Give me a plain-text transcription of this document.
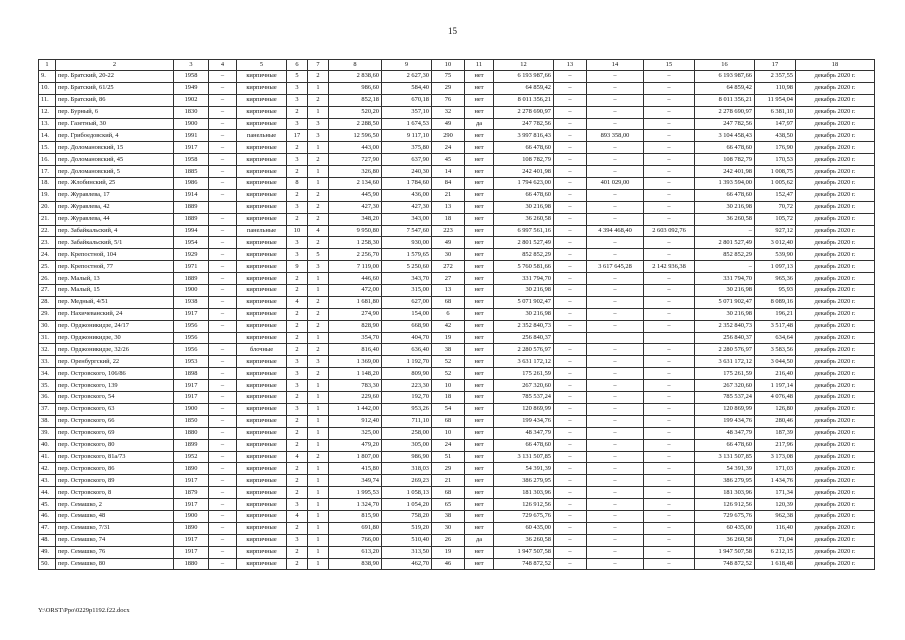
15
1	2	3	4	5	6	7	8	9	10	11	12	13	14	15	16	17	18
9.	пер. Братский, 20-22	1958	–	кирпичные	5	2	2 838,60	2 627,30	75	нет	6 193 987,66	–	–	–	6 193 987,66	2 357,55	декабрь 2020 г.
10.	пер. Братский, 61/25	1949	–	кирпичные	3	1	986,60	584,40	29	нет	64 859,42	–	–	–	64 859,42	110,98	декабрь 2020 г.
11.	пер. Братский, 86	1902	–	кирпичные	3	2	852,18	670,18	76	нет	8 011 356,21	–	–	–	8 011 356,21	11 954,04	декабрь 2020 г.
12.	пер. Бурный, 6	1830	–	кирпичные	2	1	520,20	357,10	32	нет	2 278 690,97	–	–	–	2 278 690,97	6 381,10	декабрь 2020 г.
13.	пер. Газетный, 30	1900	–	кирпичные	3	3	2 288,50	1 674,53	49	да	247 782,56	–	–	–	247 782,56	147,97	декабрь 2020 г.
14.	пер. Грибоедовский, 4	1991	–	панельные	17	3	12 596,50	9 117,10	290	нет	3 997 816,43	–	893 358,00	–	3 104 458,43	438,50	декабрь 2020 г.
15.	пер. Доломановский, 15	1917	–	кирпичные	2	1	443,00	375,80	24	нет	66 478,60	–	–	–	66 478,60	176,90	декабрь 2020 г.
16.	пер. Доломановский, 45	1958	–	кирпичные	3	2	727,90	637,90	45	нет	108 782,79	–	–	–	108 782,79	170,53	декабрь 2020 г.
17.	пер. Доломановский, 5	1885	–	кирпичные	2	1	326,80	240,30	14	нет	242 401,98	–	–	–	242 401,98	1 008,75	декабрь 2020 г.
18.	пер. Жлобинский, 25	1986	–	кирпичные	8	1	2 134,60	1 784,60	84	нет	1 794 623,00	–	401 029,00	–	1 393 594,00	1 005,62	декабрь 2020 г.
19.	пер. Журавлева, 17	1914	–	кирпичные	2	2	445,90	436,00	21	нет	66 478,60	–	–	–	66 478,60	152,47	декабрь 2020 г.
20.	пер. Журавлева, 42	1889		кирпичные	3	2	427,30	427,30	13	нет	30 216,98	–	–	–	30 216,98	70,72	декабрь 2020 г.
21.	пер. Журавлева, 44	1889	–	кирпичные	2	2	348,20	343,00	18	нет	36 260,58	–	–	–	36 260,58	105,72	декабрь 2020 г.
22.	пер. Забайкальский, 4	1994	–	панельные	10	4	9 950,80	7 547,60	223	нет	6 997 561,16	–	4 394 468,40	2 603 092,76	–	927,12	декабрь 2020 г.
23.	пер. Забайкальский, 5/1	1954	–	кирпичные	3	2	1 258,30	930,00	49	нет	2 801 527,49	–	–	–	2 801 527,49	3 012,40	декабрь 2020 г.
24.	пер. Крепостной, 104	1929	–	кирпичные	3	5	2 256,70	1 579,65	30	нет	852 852,29	–	–	–	852 852,29	539,90	декабрь 2020 г.
25.	пер. Крепостной, 77	1971	–	кирпичные	9	3	7 119,00	5 250,60	272	нет	5 760 581,66	–	3 617 645,28	2 142 936,38	–	1 097,13	декабрь 2020 г.
26.	пер. Малый, 13	1889	–	кирпичные	2	1	446,60	343,70	27	нет	331 794,70	–	–	–	331 794,70	965,36	декабрь 2020 г.
27.	пер. Малый, 15	1900	–	кирпичные	2	1	472,00	315,00	13	нет	30 216,98	–	–	–	30 216,98	95,93	декабрь 2020 г.
28.	пер. Медный, 4/51	1938	–	кирпичные	4	2	1 681,80	627,00	68	нет	5 071 902,47	–	–	–	5 071 902,47	8 089,16	декабрь 2020 г.
29.	пер. Нахичеванский, 24	1917	–	кирпичные	2	2	274,90	154,00	6	нет	30 216,98	–	–	–	30 216,98	196,21	декабрь 2020 г.
30.	пер. Орджоникидзе, 24/17	1956	–	кирпичные	2	2	828,90	668,90	42	нет	2 352 840,73	–	–	–	2 352 840,73	3 517,48	декабрь 2020 г.
31.	пер. Орджоникидзе, 30	1956		кирпичные	2	1	354,70	404,70	19	нет	256 840,37				256 840,37	634,64	декабрь 2020 г.
32.	пер. Орджоникидзе, 32/26	1956	–	блочные	2	2	816,40	636,40	38	нет	2 280 576,97	–	–	–	2 280 576,97	3 583,56	декабрь 2020 г.
33.	пер. Оренбургский, 22	1953	–	кирпичные	3	3	1 369,00	1 192,70	52	нет	3 631 172,12	–	–	–	3 631 172,12	3 044,50	декабрь 2020 г.
34.	пер. Островского, 106/86	1898	–	кирпичные	3	2	1 148,20	809,90	52	нет	175 261,59	–	–	–	175 261,59	216,40	декабрь 2020 г.
35.	пер. Островского, 139	1917	–	кирпичные	3	1	783,30	223,30	10	нет	267 320,60	–	–	–	267 320,60	1 197,14	декабрь 2020 г.
36.	пер. Островского, 54	1917	–	кирпичные	2	1	229,60	192,70	18	нет	785 537,24	–	–	–	785 537,24	4 076,48	декабрь 2020 г.
37.	пер. Островского, 63	1900	–	кирпичные	3	1	1 442,00	953,26	54	нет	120 869,99	–	–	–	120 869,99	126,80	декабрь 2020 г.
38.	пер. Островского, 66	1850	–	кирпичные	2	1	912,40	711,10	68	нет	199 434,76	–	–	–	199 434,76	280,46	декабрь 2020 г.
39.	пер. Островского, 69	1880	–	кирпичные	2	1	325,00	258,00	10	нет	48 347,79	–	–	–	48 347,79	187,39	декабрь 2020 г.
40.	пер. Островского, 80	1899	–	кирпичные	2	1	479,20	305,00	24	нет	66 478,60	–	–	–	66 478,60	217,96	декабрь 2020 г.
41.	пер. Островского, 81а/73	1952	–	кирпичные	4	2	1 807,00	986,90	51	нет	3 131 507,85	–	–	–	3 131 507,85	3 173,08	декабрь 2020 г.
42.	пер. Островского, 86	1890	–	кирпичные	2	1	415,80	318,03	29	нет	54 391,39	–	–	–	54 391,39	171,03	декабрь 2020 г.
43.	пер. Островского, 89	1917	–	кирпичные	2	1	349,74	269,23	21	нет	386 279,95	–	–	–	386 279,95	1 434,76	декабрь 2020 г.
44.	пер. Островского, 8	1879	–	кирпичные	2	1	1 995,53	1 058,13	68	нет	181 303,96	–	–	–	181 303,96	171,34	декабрь 2020 г.
45.	пер. Семашко, 2	1917	–	кирпичные	3	1	1 324,70	1 054,20	65	нет	126 912,56	–	–	–	126 912,56	120,39	декабрь 2020 г.
46.	пер. Семашко, 48	1900	–	кирпичные	4	1	815,90	758,20	38	нет	729 675,76	–	–	–	729 675,76	962,38	декабрь 2020 г.
47.	пер. Семашко, 7/31	1890	–	кирпичные	2	1	691,80	519,20	30	нет	60 435,00	–	–	–	60 435,00	116,40	декабрь 2020 г.
48.	пер. Семашко, 74	1917	–	кирпичные	3	1	766,00	510,40	26	да	36 260,58	–	–	–	36 260,58	71,04	декабрь 2020 г.
49.	пер. Семашко, 76	1917	–	кирпичные	2	1	613,20	313,50	19	нет	1 947 507,58	–	–	–	1 947 507,58	6 212,15	декабрь 2020 г.
50.	пер. Семашко, 80	1880	–	кирпичные	2	1	838,90	462,70	46	нет	748 872,52	–	–	–	748 872,52	1 618,48	декабрь 2020 г.
Y:\ORST\Ppo\0229p1192.f22.docx
